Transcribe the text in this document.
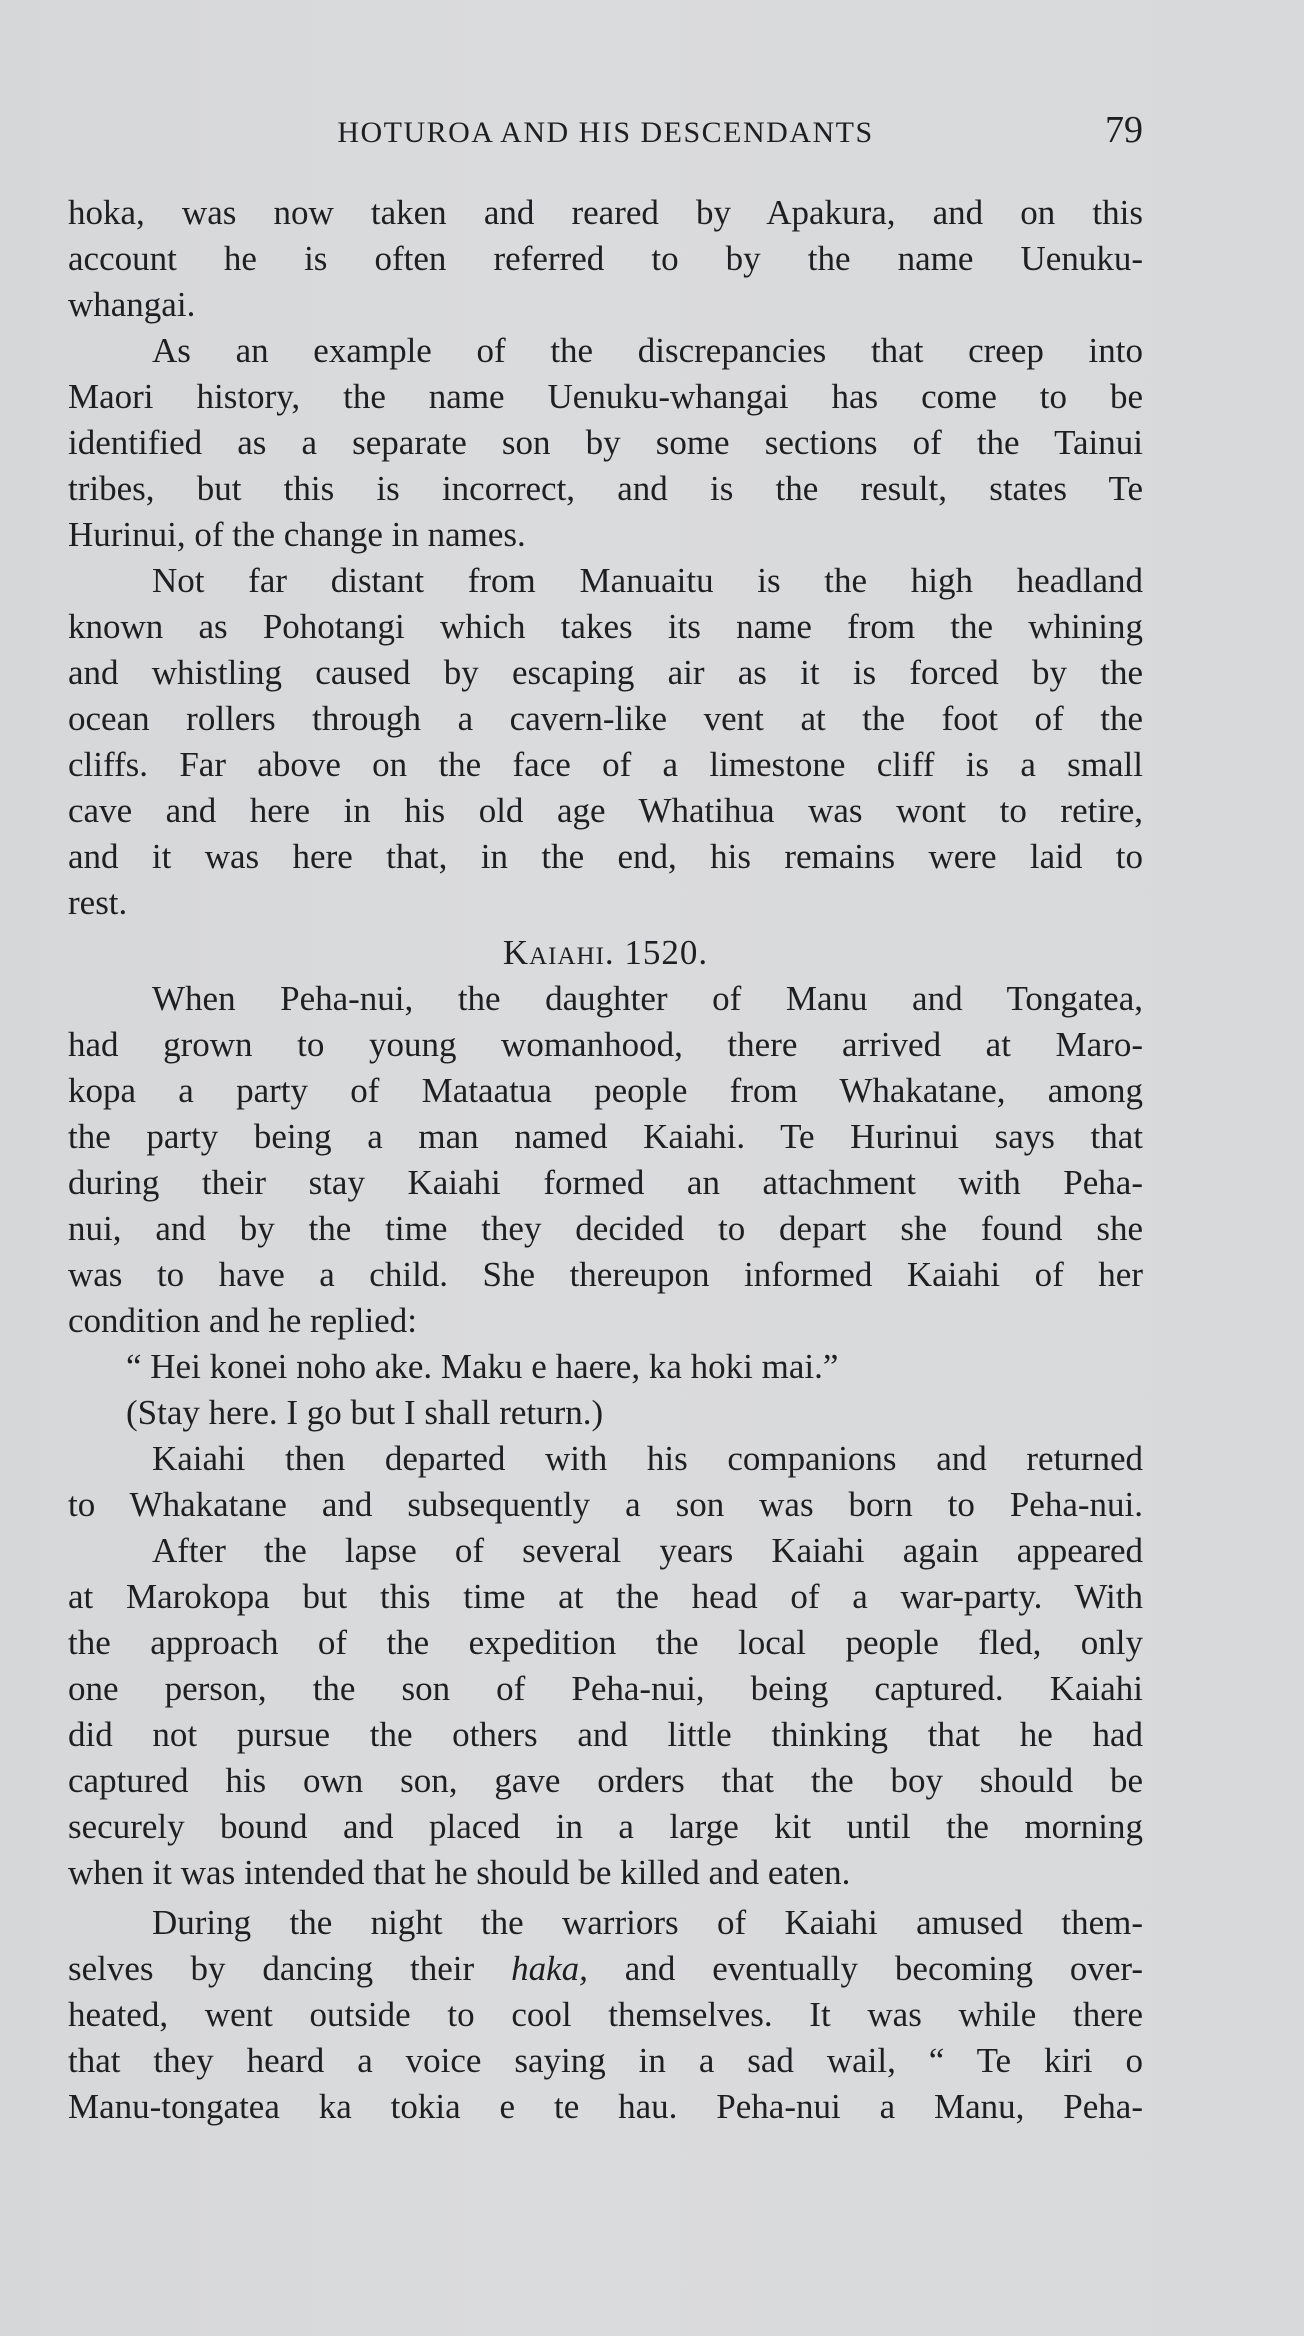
HOTUROA AND HIS DESCENDANTS	79
hoka, was now taken and reared by Apakura, and on this
account he is often referred to by the name Uenuku-
whangai.
As an example of the discrepancies that creep into
Maori history, the name Uenuku-whangai has come to be
identified as a separate son by some sections of the Tainui
tribes, but this is incorrect, and is the result, states Te
Hurinui, of the change in names.
Not far distant from Manuaitu is the high headland
known as Pohotangi which takes its name from the whining
and whistling caused by escaping air as it is forced by the
ocean rollers through a cavern-like vent at the foot of the
cliffs. Far above on the face of a limestone cliff is a small
cave and here in his old age Whatihua was wont to retire,
and it was here that, in the end, his remains were laid to
rest.
Kaiahi. 1520.
When Peha-nui, the daughter of Manu and Tongatea,
had grown to young womanhood, there arrived at Maro-
kopa a party of Mataatua people from Whakatane, among
the party being a man named Kaiahi. Te Hurinui says that
during their stay Kaiahi formed an attachment with Peha-
nui, and by the time they decided to depart she found she
was to have a child. She thereupon informed Kaiahi of her
condition and he replied:
“ Hei konei noho ake. Maku e haere, ka hoki mai.”
(Stay here. I go but I shall return.)
Kaiahi then departed with his companions and returned
to Whakatane and subsequently a son was born to Peha-nui.
After the lapse of several years Kaiahi again appeared
at Marokopa but this time at the head of a war-party. With
the approach of the expedition the local people fled, only
one person, the son of Peha-nui, being captured. Kaiahi
did not pursue the others and little thinking that he had
captured his own son, gave orders that the boy should be
securely bound and placed in a large kit until the morning
when it was intended that he should be killed and eaten.
During the night the warriors of Kaiahi amused them-
selves by dancing their haka, and eventually becoming over-
heated, went outside to cool themselves. It was while there
that they heard a voice saying in a sad wail, “ Te kiri o
Manu-tongatea ka tokia e te hau. Peha-nui a Manu, Peha-
